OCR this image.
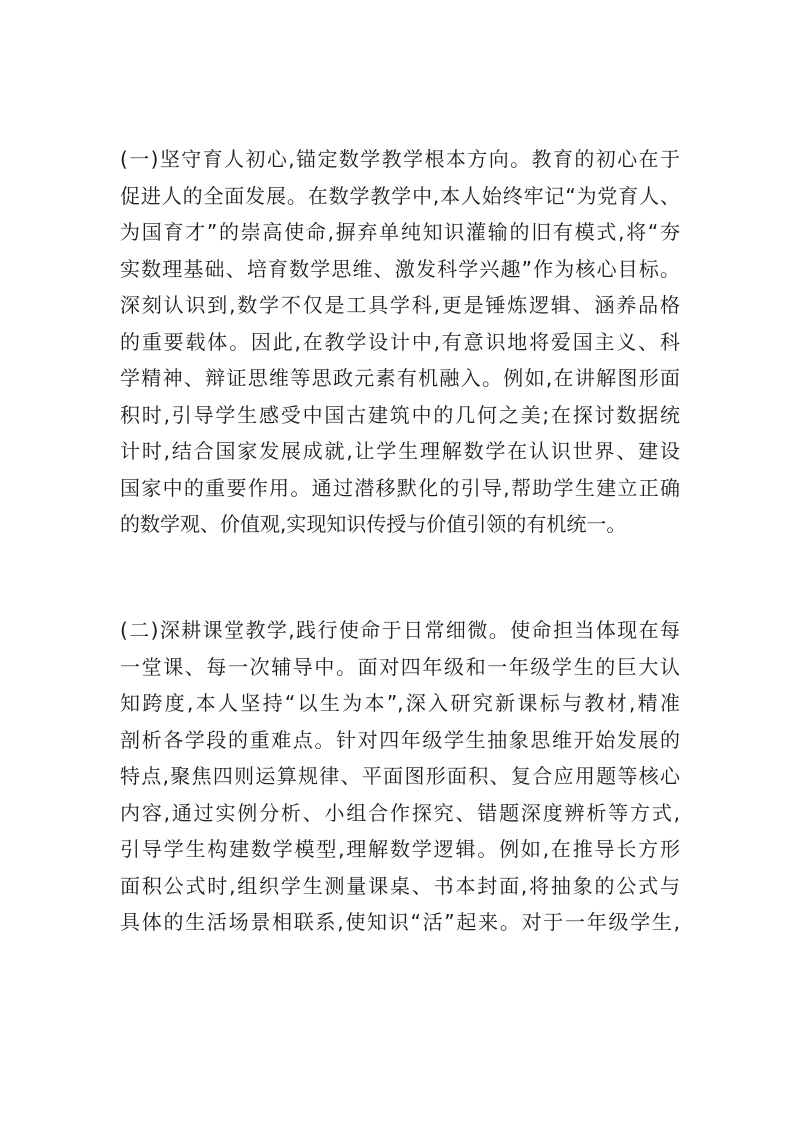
(一)坚守育人初心,锚定数学教学根本方向。教育的初心在于
促进人的全面发展。在数学教学中,本人始终牢记“为党育人、
为国育才”的崇高使命,摒弃单纯知识灌输的旧有模式,将“夯
实数理基础、培育数学思维、激发科学兴趣”作为核心目标。
深刻认识到,数学不仅是工具学科,更是锤炼逻辑、涵养品格
的重要载体。因此,在教学设计中,有意识地将爱国主义、科
学精神、辩证思维等思政元素有机融入。例如,在讲解图形面
积时,引导学生感受中国古建筑中的几何之美;在探讨数据统
计时,结合国家发展成就,让学生理解数学在认识世界、建设
国家中的重要作用。通过潜移默化的引导,帮助学生建立正确
的数学观、价值观,实现知识传授与价值引领的有机统一。
(二)深耕课堂教学,践行使命于日常细微。使命担当体现在每
一堂课、每一次辅导中。面对四年级和一年级学生的巨大认
知跨度,本人坚持“以生为本”,深入研究新课标与教材,精准
剖析各学段的重难点。针对四年级学生抽象思维开始发展的
特点,聚焦四则运算规律、平面图形面积、复合应用题等核心
内容,通过实例分析、小组合作探究、错题深度辨析等方式,
引导学生构建数学模型,理解数学逻辑。例如,在推导长方形
面积公式时,组织学生测量课桌、书本封面,将抽象的公式与
具体的生活场景相联系,使知识“活”起来。对于一年级学生,
